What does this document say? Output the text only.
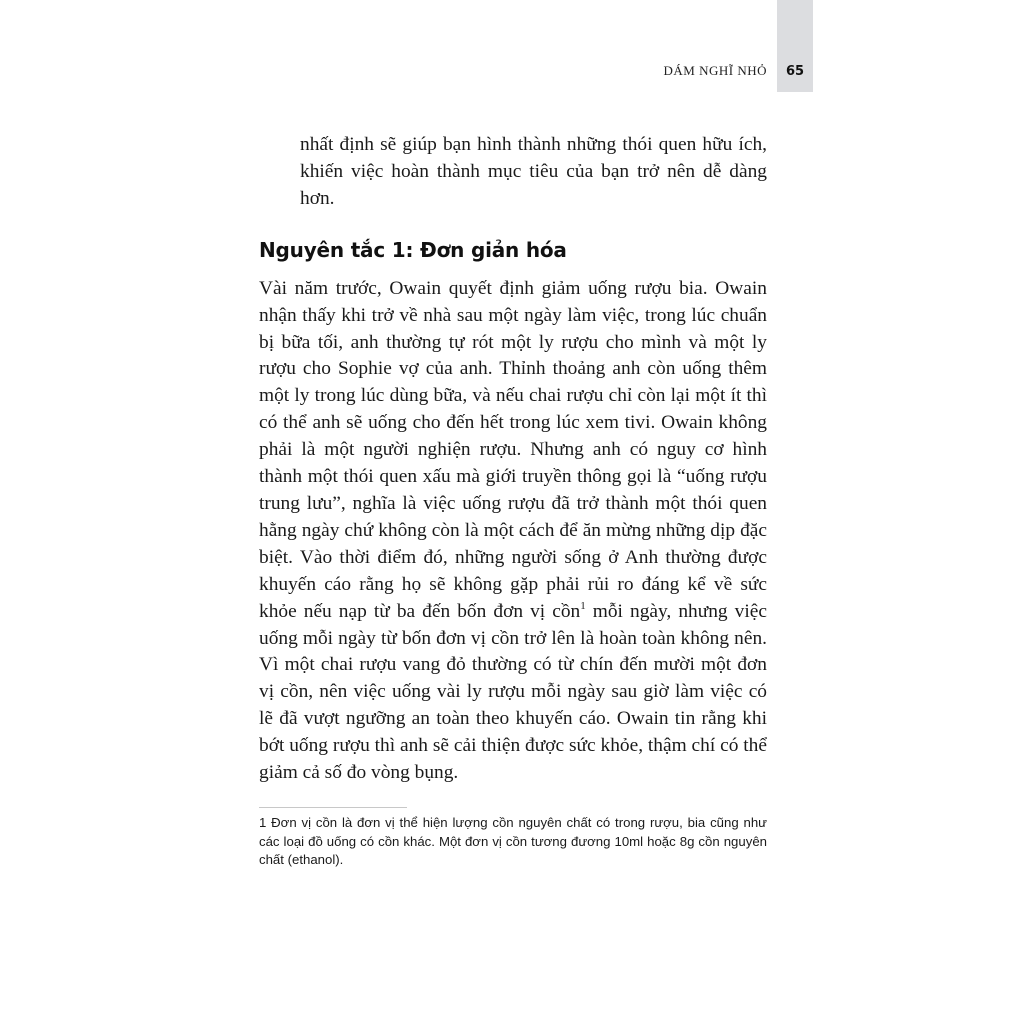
DÁM NGHĨ NHỎ	65

nhất định sẽ giúp bạn hình thành những thói quen hữu ích, khiến việc hoàn thành mục tiêu của bạn trở nên dễ dàng hơn.

Nguyên tắc 1: Đơn giản hóa

Vài năm trước, Owain quyết định giảm uống rượu bia. Owain nhận thấy khi trở về nhà sau một ngày làm việc, trong lúc chuẩn bị bữa tối, anh thường tự rót một ly rượu cho mình và một ly rượu cho Sophie vợ của anh. Thỉnh thoảng anh còn uống thêm một ly trong lúc dùng bữa, và nếu chai rượu chỉ còn lại một ít thì có thể anh sẽ uống cho đến hết trong lúc xem tivi. Owain không phải là một người nghiện rượu. Nhưng anh có nguy cơ hình thành một thói quen xấu mà giới truyền thông gọi là “uống rượu trung lưu”, nghĩa là việc uống rượu đã trở thành một thói quen hằng ngày chứ không còn là một cách để ăn mừng những dịp đặc biệt. Vào thời điểm đó, những người sống ở Anh thường được khuyến cáo rằng họ sẽ không gặp phải rủi ro đáng kể về sức khỏe nếu nạp từ ba đến bốn đơn vị cồn$^1$ mỗi ngày, nhưng việc uống mỗi ngày từ bốn đơn vị cồn trở lên là hoàn toàn không nên. Vì một chai rượu vang đỏ thường có từ chín đến mười một đơn vị cồn, nên việc uống vài ly rượu mỗi ngày sau giờ làm việc có lẽ đã vượt ngưỡng an toàn theo khuyến cáo. Owain tin rằng khi bớt uống rượu thì anh sẽ cải thiện được sức khỏe, thậm chí có thể giảm cả số đo vòng bụng.

1 Đơn vị cồn là đơn vị thể hiện lượng cồn nguyên chất có trong rượu, bia cũng như các loại đồ uống có cồn khác. Một đơn vị cồn tương đương 10ml hoặc 8g cồn nguyên chất (ethanol).
